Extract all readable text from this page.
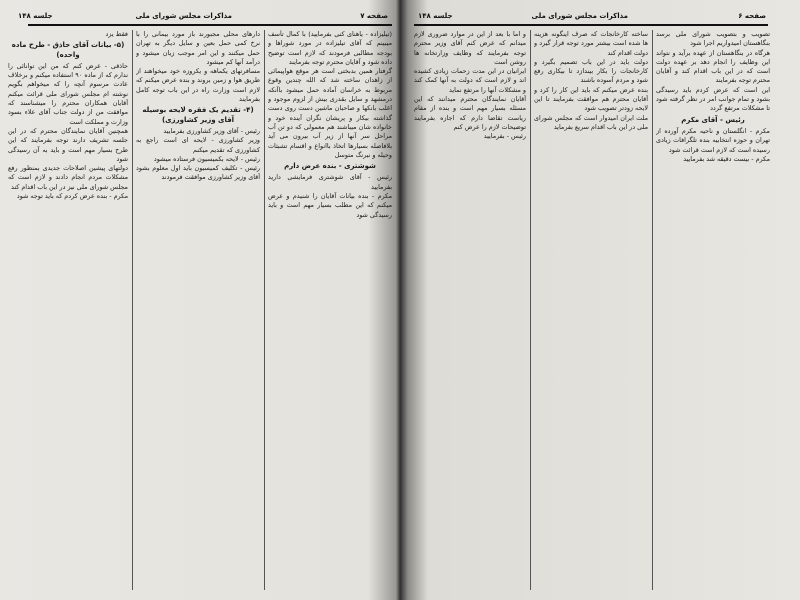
صفحه ۷
مذاکرات مجلس شورای ملی
جلسه ۱۴۸

(تیلیزاده - یاهنای کنی بفرمایید) با کمال تأسف میبینم که آقای تیلیزاده در مورد شوراها و بودجه مطالبی فرمودند که لازم است توضیح داده شود و آقایان محترم توجه بفرمایند

گرفتار همین بدبختی است هر موقع هواپیمائی از زاهدان ساخته شد که الله چندین وقوع مربوط به خراسان آماده حمل میشود باآنکه درمشهد و سایل بقدری بیش از لزوم موجود و اغلب بانکها و صاحبان ماشین دست روی دست گذاشته بیکار و پریشان نگران آینده خود و خانواده شان میباشند هم معمولی که دو تن آب مراحل سر آنها از زیر آب بیرون می آید بلافاصله بسیارها اتخاذ باانواع و اقسام تشبثات وحیله و نیرنگ متوسل

شوشتری - بنده عرض دارم

رئیس - آقای شوشتری فرمایشی دارید بفرمایید

مکرم - بنده بیانات آقایان را شنیدم و عرض میکنم که این مطلب بسیار مهم است و باید رسیدگی شود

دارهای محلی مجبورند باز مورد بیمانی را با نرخ کمی حمل بعین و سایل دیگر به تهران حمل میکنند و این امر موجب زیان میشود و درآمد آنها کم میشود

مسافرتهای یکماهه و یکروزه خود میخواهند از طریق هوا و زمین بروند و بنده عرض میکنم که لازم است وزارت راه در این باب توجه کامل بفرمایند

(۴- تقدیم یک فقره لایحه بوسیله آقای وزیر کشاورزی)

رئیس - آقای وزیر کشاورزی بفرمایید

وزیر کشاورزی - لایحه ای است راجع به کشاورزی که تقدیم میکنم

رئیس - لایحه بکمیسیون فرستاده میشود

رئیس - تکلیف کمیسیون باید اول معلوم بشود آقای وزیر کشاورزی موافقت فرمودند

فقط یزد

(۵- بیانات آقای حاذق - طرح ماده واحده)

حاذقی - عرض کنم که من این توانائی را ندارم که از ماده ۹۰ استفاده میکنم و برخلاف عادت مرسوم آنچه را که میخواهم بگویم نوشته ام مجلس شورای ملی قرائت میکنم آقایان همکاران محترم را میشناسند که موافقت من از دولت جناب آقای علاء بسود وزارت و مملکت است

همچنین آقایان نمایندگان محترم که در این جلسه تشریف دارند توجه بفرمایند که این طرح بسیار مهم است و باید به آن رسیدگی شود

دولتهای پیشین اصلاحات جدیدی بمنظور رفع مشکلات مردم انجام دادند و لازم است که مجلس شورای ملی نیز در این باب اقدام کند

مکرم - بنده عرض کردم که باید توجه شود

صفحه ۶
مذاکرات مجلس شورای ملی
جلسه ۱۴۸

تصویب و بتصویب شورای ملی برسد بنگاهستان امیدواریم اجرا شود

هرگاه در بنگاهستان از عهده برآید و نتواند این وظایف را انجام دهد بر عهده دولت است که در این باب اقدام کند و آقایان محترم توجه بفرمایند

این است که عرض کردم باید رسیدگی بشود و تمام جوانب امر در نظر گرفته شود تا مشکلات مرتفع گردد

رئیس - آقای مکرم

مکرم - انگلستان و ناحیه مکرم آورده از تهران و حوزه انتخابیه بنده تلگرافات زیادی رسیده است که لازم است قرائت شود

مکرم - بیست دقیقه شد بفرمایید

ساخته کارخانجات که صرف اینگونه هزینه ها شده است بیشتر مورد توجه قرار گیرد و دولت اقدام کند

دولت باید در این باب تصمیم بگیرد و کارخانجات را بکار بیندازد تا بیکاری رفع شود و مردم آسوده باشند

بنده عرض میکنم که باید این کار را کرد و آقایان محترم هم موافقت بفرمایند تا این لایحه زودتر تصویب شود

ملت ایران امیدوار است که مجلس شورای ملی در این باب اقدام سریع بفرماید

و اما با بعد از این در موارد ضروری لازم میدانم که عرض کنم آقای وزیر محترم توجه بفرمایند که وظایف وزارتخانه ها روشن است

ایرانیان در این مدت زحمات زیادی کشیده اند و لازم است که دولت به آنها کمک کند و مشکلات آنها را مرتفع نماید

آقایان نمایندگان محترم میدانند که این مسئله بسیار مهم است و بنده از مقام ریاست تقاضا دارم که اجازه بفرمایند توضیحات لازم را عرض کنم

رئیس - بفرمایید
